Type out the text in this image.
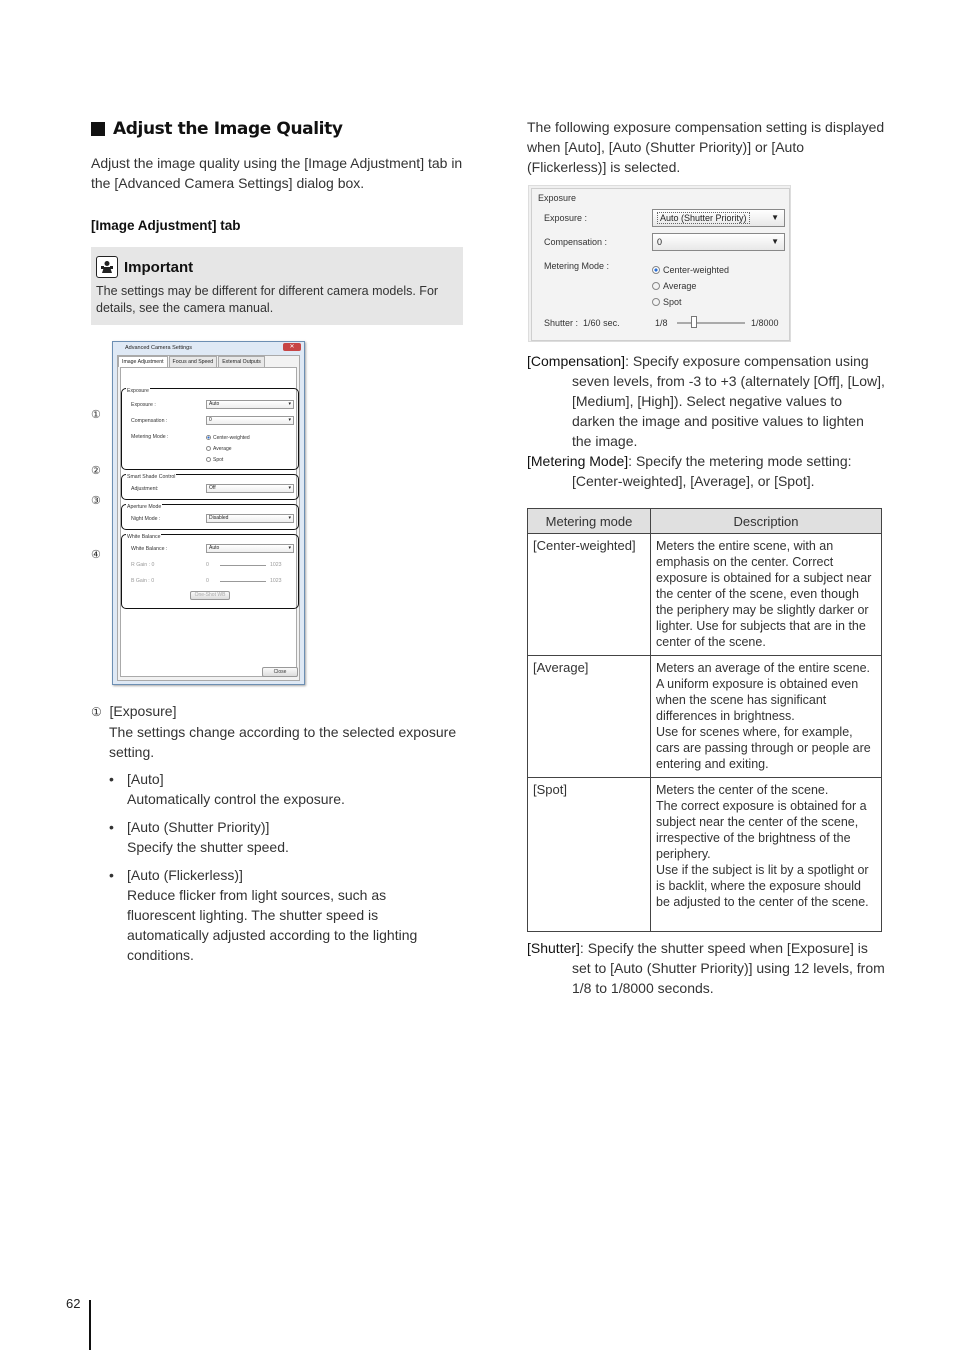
Adjust the Image Quality
Adjust the image quality using the [Image Adjustment] tab in the [Advanced Camera Settings] dialog box.
[Image Adjustment] tab
Important
The settings may be different for different camera models. For details, see the camera manual.
Advanced Camera Settings	✕
Image Adjustment	Focus and Speed	External Outputs
Exposure
Exposure :	Auto	▾
Compensation :	0	▾
Metering Mode :	Center-weighted
Average
Spot
Smart Shade Control
Adjustment:	Off	▾
Aperture Mode
Night Mode :	Disabled	▾
White Balance
White Balance :	Auto	▾
R Gain : 0	0	1023
B Gain : 0	0	1023
One-Shot WB
Close
①
②
③
④
① [Exposure]
The settings change according to the selected exposure setting.
• [Auto]
Automatically control the exposure.
• [Auto (Shutter Priority)]
Specify the shutter speed.
• [Auto (Flickerless)]
Reduce flicker from light sources, such as fluorescent lighting. The shutter speed is automatically adjusted according to the lighting conditions.
The following exposure compensation setting is displayed when [Auto], [Auto (Shutter Priority)] or [Auto (Flickerless)] is selected.
Exposure
Exposure :	Auto (Shutter Priority)	▼
Compensation :	0	▼
Metering Mode :	Center-weighted
Average
Spot
Shutter : 1/60 sec.	1/8	1/8000
[Compensation]: Specify exposure compensation using seven levels, from -3 to +3 (alternately [Off], [Low], [Medium], [High]). Select negative values to darken the image and positive values to lighten the image.
[Metering Mode]: Specify the metering mode setting: [Center-weighted], [Average], or [Spot].
Metering mode	Description
[Center-weighted]	Meters the entire scene, with an emphasis on the center. Correct exposure is obtained for a subject near the center of the scene, even though the periphery may be slightly darker or lighter. Use for subjects that are in the center of the scene.
[Average]	Meters an average of the entire scene. A uniform exposure is obtained even when the scene has significant differences in brightness.
Use for scenes where, for example, cars are passing through or people are entering and exiting.
[Spot]	Meters the center of the scene.
The correct exposure is obtained for a subject near the center of the scene, irrespective of the brightness of the periphery.
Use if the subject is lit by a spotlight or is backlit, where the exposure should be adjusted to the center of the scene.
[Shutter]: Specify the shutter speed when [Exposure] is set to [Auto (Shutter Priority)] using 12 levels, from 1/8 to 1/8000 seconds.
62
